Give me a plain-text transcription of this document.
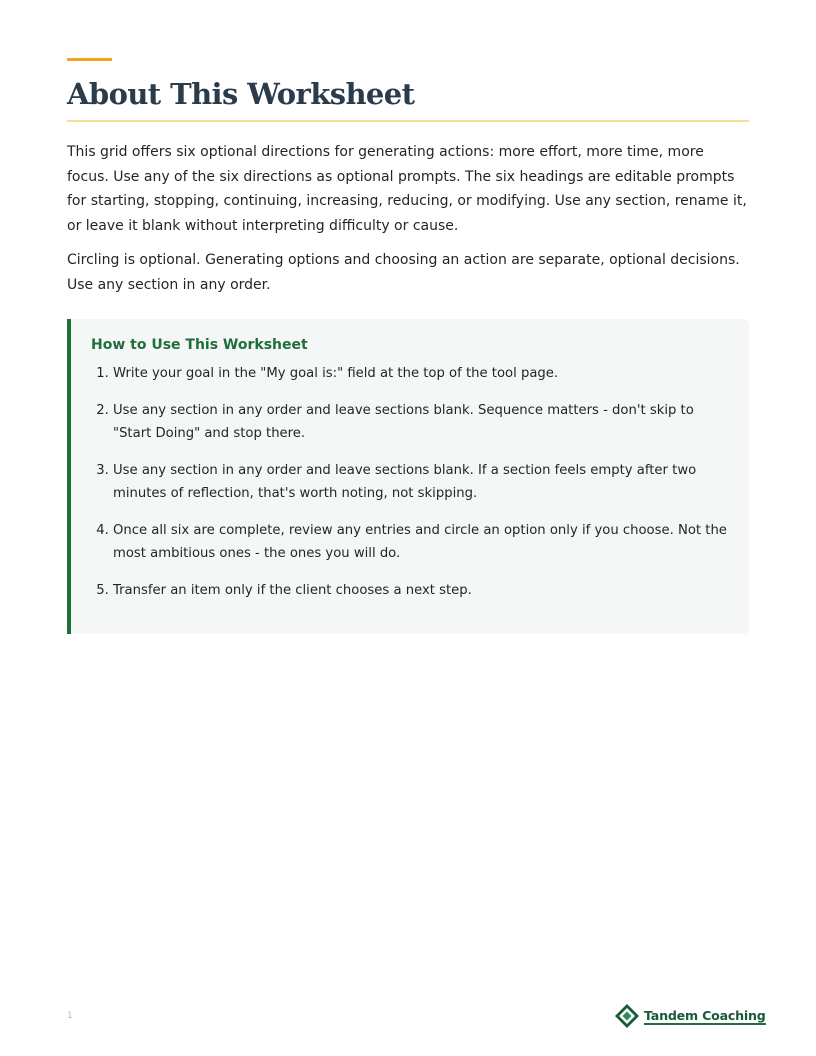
About This Worksheet

This grid offers six optional directions for generating actions: more effort, more time, more focus. Use any of the six directions as optional prompts. The six headings are editable prompts for starting, stopping, continuing, increasing, reducing, or modifying. Use any section, rename it, or leave it blank without interpreting difficulty or cause.

Circling is optional. Generating options and choosing an action are separate, optional decisions. Use any section in any order.

How to Use This Worksheet
1. Write your goal in the "My goal is:" field at the top of the tool page.
2. Use any section in any order and leave sections blank. Sequence matters - don't skip to "Start Doing" and stop there.
3. Use any section in any order and leave sections blank. If a section feels empty after two minutes of reflection, that's worth noting, not skipping.
4. Once all six are complete, review any entries and circle an option only if you choose. Not the most ambitious ones - the ones you will do.
5. Transfer an item only if the client chooses a next step.
1	Tandem Coaching
